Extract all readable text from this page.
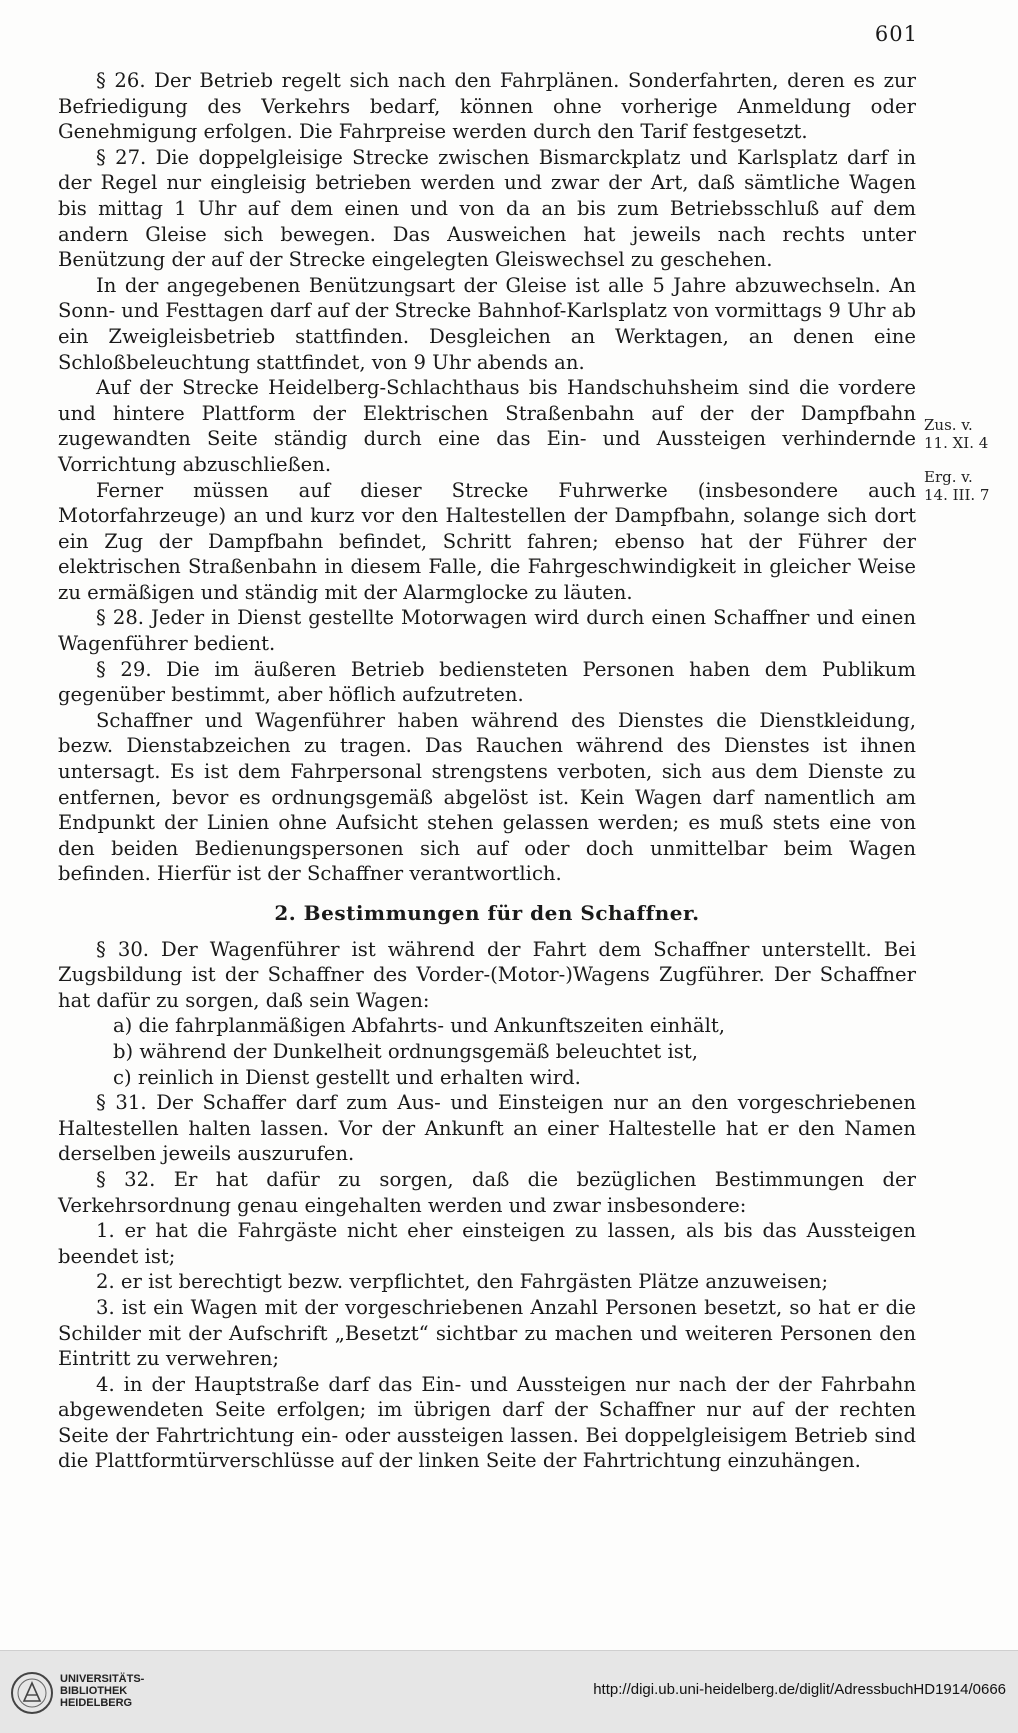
601

§ 26. Der Betrieb regelt sich nach den Fahrplänen. Sonderfahrten, deren es zur Befriedigung des Verkehrs bedarf, können ohne vorherige Anmeldung oder Genehmigung erfolgen. Die Fahrpreise werden durch den Tarif festgesetzt.

§ 27. Die doppelgleisige Strecke zwischen Bismarckplatz und Karlsplatz darf in der Regel nur eingleisig betrieben werden und zwar der Art, daß sämtliche Wagen bis mittag 1 Uhr auf dem einen und von da an bis zum Betriebsschluß auf dem andern Gleise sich bewegen. Das Ausweichen hat jeweils nach rechts unter Benützung der auf der Strecke eingelegten Gleiswechsel zu geschehen.

In der angegebenen Benützungsart der Gleise ist alle 5 Jahre abzuwechseln. An Sonn- und Festtagen darf auf der Strecke Bahnhof-Karlsplatz von vormittags 9 Uhr ab ein Zweigleisbetrieb stattfinden. Desgleichen an Werktagen, an denen eine Schloßbeleuchtung stattfindet, von 9 Uhr abends an.

Auf der Strecke Heidelberg-Schlachthaus bis Handschuhsheim sind die vordere und hintere Plattform der Elektrischen Straßenbahn auf der der Dampfbahn zugewandten Seite ständig durch eine das Ein- und Aussteigen verhindernde Vorrichtung abzuschließen.

Ferner müssen auf dieser Strecke Fuhrwerke (insbesondere auch Motorfahrzeuge) an und kurz vor den Haltestellen der Dampfbahn, solange sich dort ein Zug der Dampfbahn befindet, Schritt fahren; ebenso hat der Führer der elektrischen Straßenbahn in diesem Falle, die Fahrgeschwindigkeit in gleicher Weise zu ermäßigen und ständig mit der Alarmglocke zu läuten.

§ 28. Jeder in Dienst gestellte Motorwagen wird durch einen Schaffner und einen Wagenführer bedient.

§ 29. Die im äußeren Betrieb bediensteten Personen haben dem Publikum gegenüber bestimmt, aber höflich aufzutreten.

Schaffner und Wagenführer haben während des Dienstes die Dienstkleidung, bezw. Dienstabzeichen zu tragen. Das Rauchen während des Dienstes ist ihnen untersagt. Es ist dem Fahrpersonal strengstens verboten, sich aus dem Dienste zu entfernen, bevor es ordnungsgemäß abgelöst ist. Kein Wagen darf namentlich am Endpunkt der Linien ohne Aufsicht stehen gelassen werden; es muß stets eine von den beiden Bedienungspersonen sich auf oder doch unmittelbar beim Wagen befinden. Hierfür ist der Schaffner verantwortlich.

2. Bestimmungen für den Schaffner.

§ 30. Der Wagenführer ist während der Fahrt dem Schaffner unterstellt. Bei Zugsbildung ist der Schaffner des Vorder-(Motor-)Wagens Zugführer. Der Schaffner hat dafür zu sorgen, daß sein Wagen:

a) die fahrplanmäßigen Abfahrts- und Ankunftszeiten einhält,

b) während der Dunkelheit ordnungsgemäß beleuchtet ist,

c) reinlich in Dienst gestellt und erhalten wird.

§ 31. Der Schaffer darf zum Aus- und Einsteigen nur an den vorgeschriebenen Haltestellen halten lassen. Vor der Ankunft an einer Haltestelle hat er den Namen derselben jeweils auszurufen.

§ 32. Er hat dafür zu sorgen, daß die bezüglichen Bestimmungen der Verkehrsordnung genau eingehalten werden und zwar insbesondere:

1. er hat die Fahrgäste nicht eher einsteigen zu lassen, als bis das Aussteigen beendet ist;

2. er ist berechtigt bezw. verpflichtet, den Fahrgästen Plätze anzuweisen;

3. ist ein Wagen mit der vorgeschriebenen Anzahl Personen besetzt, so hat er die Schilder mit der Aufschrift „Besetzt“ sichtbar zu machen und weiteren Personen den Eintritt zu verwehren;

4. in der Hauptstraße darf das Ein- und Aussteigen nur nach der der Fahrbahn abgewendeten Seite erfolgen; im übrigen darf der Schaffner nur auf der rechten Seite der Fahrtrichtung ein- oder aussteigen lassen. Bei doppelgleisigem Betrieb sind die Plattformtürverschlüsse auf der linken Seite der Fahrtrichtung einzuhängen.

Zus. v.
11. XI. 4
Erg. v.
14. III. 7
UNIVERSITÄTS-
BIBLIOTHEK
HEIDELBERG
http://digi.ub.uni-heidelberg.de/diglit/AdressbuchHD1914/0666
